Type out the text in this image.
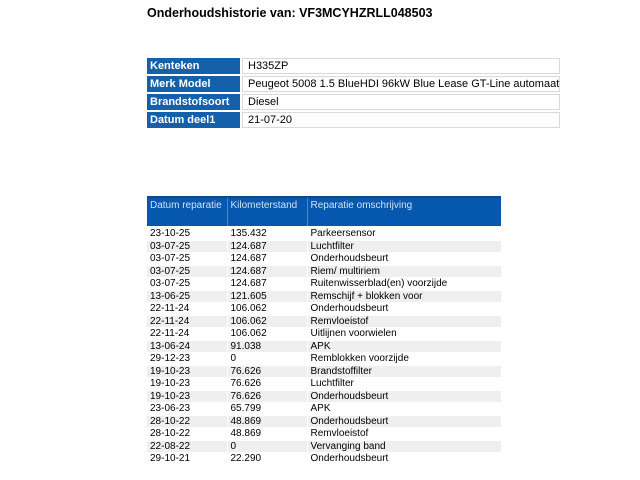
Onderhoudshistorie van: VF3MCYHZRLL048503
Kenteken	H335ZP
Merk Model	Peugeot 5008 1.5 BlueHDI 96kW Blue Lease GT-Line automaat
Brandstofsoort	Diesel
Datum deel1	21-07-20
Datum reparatie	Kilometerstand	Reparatie omschrijving
23-10-25	135.432	Parkeersensor
03-07-25	124.687	Luchtfilter
03-07-25	124.687	Onderhoudsbeurt
03-07-25	124.687	Riem/ multiriem
03-07-25	124.687	Ruitenwisserblad(en) voorzijde
13-06-25	121.605	Remschijf + blokken voor
22-11-24	106.062	Onderhoudsbeurt
22-11-24	106.062	Remvloeistof
22-11-24	106.062	Uitlijnen voorwielen
13-06-24	91.038	APK
29-12-23	0	Remblokken voorzijde
19-10-23	76.626	Brandstoffilter
19-10-23	76.626	Luchtfilter
19-10-23	76.626	Onderhoudsbeurt
23-06-23	65.799	APK
28-10-22	48.869	Onderhoudsbeurt
28-10-22	48.869	Remvloeistof
22-08-22	0	Vervanging band
29-10-21	22.290	Onderhoudsbeurt
